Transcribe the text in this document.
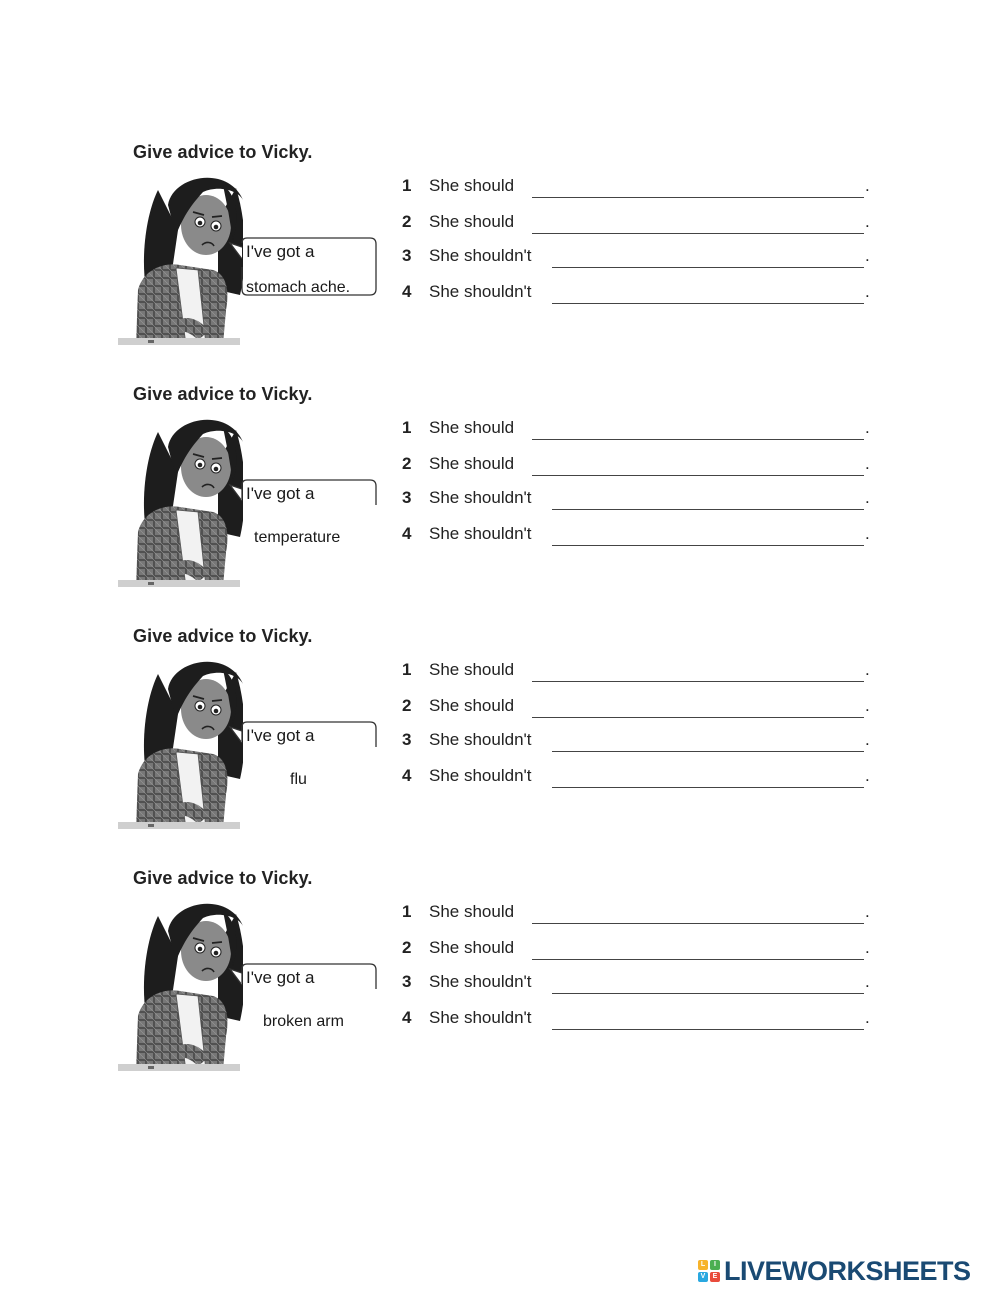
Give advice to Vicky.
I've got a
stomach ache.
1 She should	.
2 She should	.
3 She shouldn't	.
4 She shouldn't	.
Give advice to Vicky.
I've got a
temperature
1 She should	.
2 She should	.
3 She shouldn't	.
4 She shouldn't	.
Give advice to Vicky.
I've got a
flu
1 She should	.
2 She should	.
3 She shouldn't	.
4 She shouldn't	.
Give advice to Vicky.
I've got a
broken arm
1 She should	.
2 She should	.
3 She shouldn't	.
4 She shouldn't	.
L	I
V	E LIVEWORKSHEETS
